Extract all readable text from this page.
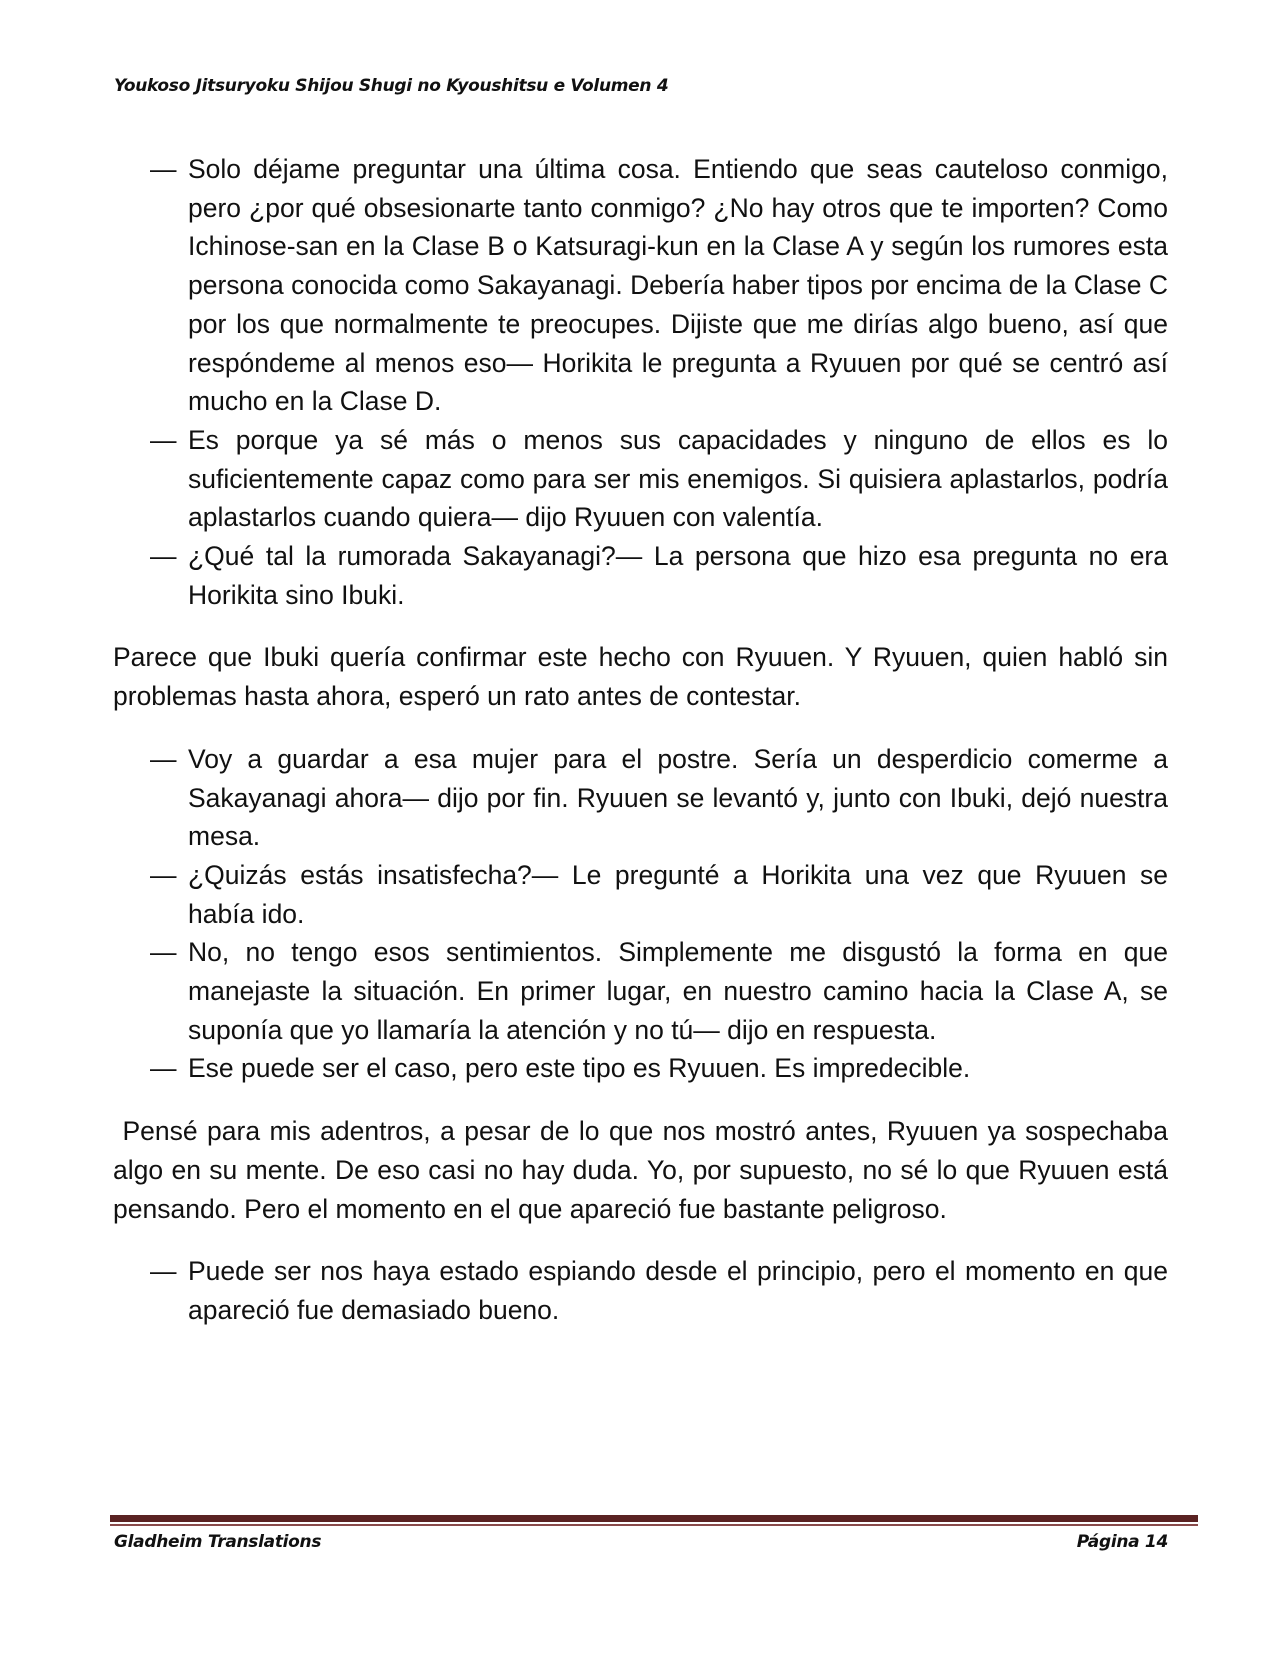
Youkoso Jitsuryoku Shijou Shugi no Kyoushitsu e Volumen 4

— Solo déjame preguntar una última cosa. Entiendo que seas cauteloso conmigo, pero ¿por qué obsesionarte tanto conmigo? ¿No hay otros que te importen? Como Ichinose-san en la Clase B o Katsuragi-kun en la Clase A y según los rumores esta persona conocida como Sakayanagi. Debería haber tipos por encima de la Clase C por los que normalmente te preocupes. Dijiste que me dirías algo bueno, así que respóndeme al menos eso— Horikita le pregunta a Ryuuen por qué se centró así mucho en la Clase D.

— Es porque ya sé más o menos sus capacidades y ninguno de ellos es lo suficientemente capaz como para ser mis enemigos. Si quisiera aplastarlos, podría aplastarlos cuando quiera— dijo Ryuuen con valentía.

— ¿Qué tal la rumorada Sakayanagi?— La persona que hizo esa pregunta no era Horikita sino Ibuki.

Parece que Ibuki quería confirmar este hecho con Ryuuen. Y Ryuuen, quien habló sin problemas hasta ahora, esperó un rato antes de contestar.

— Voy a guardar a esa mujer para el postre. Sería un desperdicio comerme a Sakayanagi ahora— dijo por fin. Ryuuen se levantó y, junto con Ibuki, dejó nuestra mesa.

— ¿Quizás estás insatisfecha?— Le pregunté a Horikita una vez que Ryuuen se había ido.

— No, no tengo esos sentimientos. Simplemente me disgustó la forma en que manejaste la situación. En primer lugar, en nuestro camino hacia la Clase A, se suponía que yo llamaría la atención y no tú— dijo en respuesta.

— Ese puede ser el caso, pero este tipo es Ryuuen. Es impredecible.

Pensé para mis adentros, a pesar de lo que nos mostró antes, Ryuuen ya sospechaba algo en su mente. De eso casi no hay duda. Yo, por supuesto, no sé lo que Ryuuen está pensando. Pero el momento en el que apareció fue bastante peligroso.

— Puede ser nos haya estado espiando desde el principio, pero el momento en que apareció fue demasiado bueno.

Gladheim Translations	Página 14
